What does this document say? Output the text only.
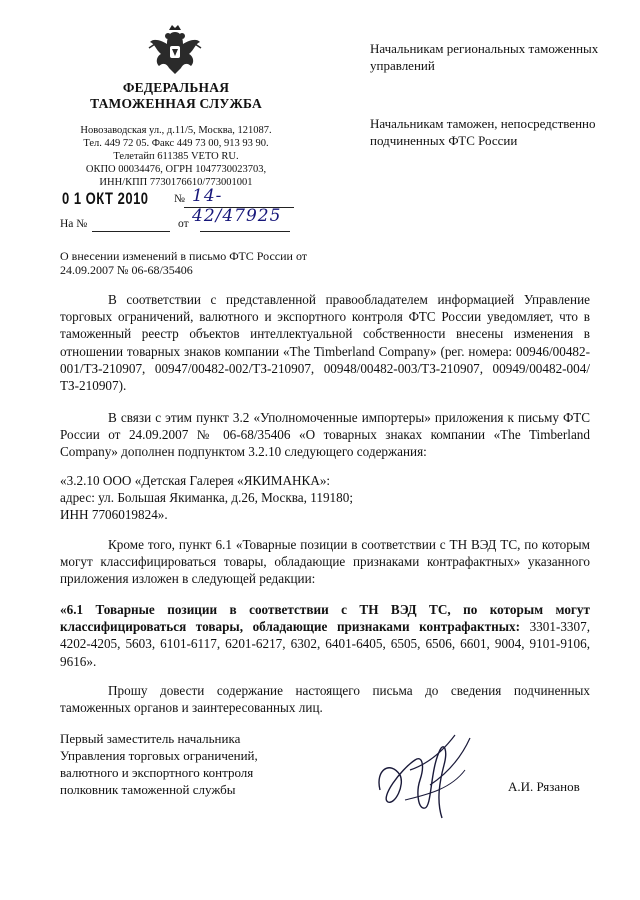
ФЕДЕРАЛЬНАЯ
ТАМОЖЕННАЯ СЛУЖБА
Новозаводская ул., д.11/5, Москва, 121087.
Тел. 449 72 05. Факс 449 73 00, 913 93 90.
Телетайп 611385 VETO RU.
ОКПО 00034476, ОГРН 1047730023703,
ИНН/КПП 7730176610/773001001
0 1 ОКТ 2010 № 14-42/47925
На №	от
О внесении изменений в письмо ФТС России от 24.09.2007 № 06-68/35406
Начальникам региональных таможенных управлений
Начальникам таможен, непосредственно подчиненных ФТС России
В соответствии с представленной правообладателем информацией Управление торговых ограничений, валютного и экспортного контроля ФТС России уведомляет, что в таможенный реестр объектов интеллектуальной собственности внесены изменения в отношении товарных знаков компании «The Timberland Company» (рег. номера: 00946/00482-001/ТЗ-210907, 00947/00482-002/ТЗ-210907, 00948/00482-003/ТЗ-210907, 00949/00482-004/ТЗ-210907).
В связи с этим пункт 3.2 «Уполномоченные импортеры» приложения к письму ФТС России от 24.09.2007 № 06-68/35406 «О товарных знаках компании «The Timberland Company» дополнен подпунктом 3.2.10 следующего содержания:
«3.2.10 ООО «Детская Галерея «ЯКИМАНКА»:
адрес: ул. Большая Якиманка, д.26, Москва, 119180;
ИНН 7706019824».
Кроме того, пункт 6.1 «Товарные позиции в соответствии с ТН ВЭД ТС, по которым могут классифицироваться товары, обладающие признаками контрафактных» указанного приложения изложен в следующей редакции:
«6.1 Товарные позиции в соответствии с ТН ВЭД ТС, по которым могут классифицироваться товары, обладающие признаками контрафактных: 3301-3307, 4202-4205, 5603, 6101-6117, 6201-6217, 6302, 6401-6405, 6505, 6506, 6601, 9004, 9101-9106, 9616».
Прошу довести содержание настоящего письма до сведения подчиненных таможенных органов и заинтересованных лиц.
Первый заместитель начальника
Управления торговых ограничений,
валютного и экспортного контроля
полковник таможенной службы	А.И. Рязанов
